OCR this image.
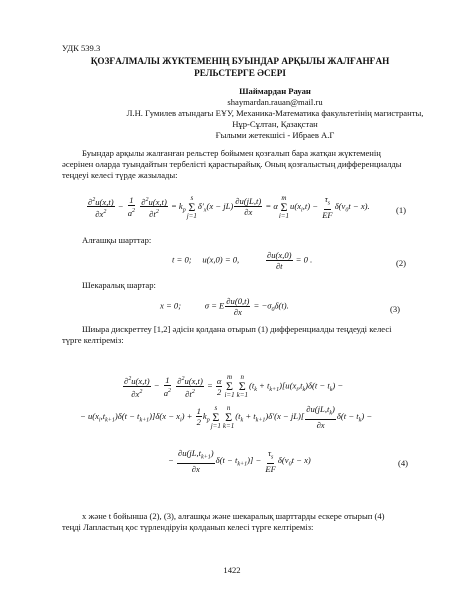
УДК 539.3
ҚОЗҒАЛМАЛЫ ЖҮКТЕМЕНІҢ БУЫНДАР АРҚЫЛЫ ЖАЛҒАНҒАН
РЕЛЬСТЕРГЕ ӘСЕРІ
Шаймардан Рауан
shaymardan.rauan@mail.ru
Л.Н. Гумилев атындағы ЕҰУ, Механика-Математика факультетінің магистранты,
Нұр-Сұлтан, Қазақстан
Ғылыми жетекшісі - Ибраев А.Г
Буындар арқылы жалғанған рельстер бойымен қозғалып бара жатқан жүктеменің
әсерінен оларда туындайтын тербелісті қарастырайық. Оның қозғалыстың дифференциалды
теңдеуі келесі түрде жазылады:
$\frac{\partial^2u(x,t)}{\partial x^2} - \frac{1}{a^2}$
$\frac{\partial^2u(x,t)}{\partial t^2} = k_p$
s
Σ
j=1
$\delta'_x(x - jL) \frac{\partial u(jL,t)}{\partial x} = \alpha$
m
Σ
i=1
$u(x_i,t) - \frac{\tau_s}{EF} \delta(v_0t - x)$.	(1)
Алғашқы шарттар:
t = 0;     u(x,0) = 0, $\frac{\partial u(x,0)}{\partial t} = 0$ .	(2)
Шекаралық шартар:
x = 0;           σ = E $\frac{\partial u(0,t)}{\partial x} = -\sigma_0\delta(t)$.	(3)
Шиыра дискреттеу [1,2] әдісін қолдана отырып (1) дифференциалды теңдеуді келесі
түрге келтіреміз:
$\frac{\partial^2u(x,t)}{\partial x^2} - \frac{1}{a^2}$
$\frac{\partial^2u(x,t)}{\partial t^2} = \frac{\alpha}{2}$ m
Σ
i=1
n
Σ
k=1
$(t_k + t_{k+1})[u(x_i,t_k)\delta(t - t_k)$ −
− $u(x_i,t_{k+1})\delta(t - t_{k+1})]\delta(x - x_i) + \frac{1}{2} k_p$
s
Σ
j=1
n
Σ
k=1
$(t_k + t_{k+1})\delta'(x - jL)[ \frac{\partial u(jL,t_k)}{\partial x} \delta(t - t_k)$ −
− $\frac{\partial u(jL,t_{k+1})}{\partial x} \delta(t - t_{k+1})] - \frac{\tau_s}{EF} \delta(v_0t - x)$	(4)
x және t бойынша (2), (3), алғашқы және шекаралық шарттарды ескере отырып (4)
теңді Лапластың қос түрлендіруін қолданып келесі түрге келтіреміз:
1422
